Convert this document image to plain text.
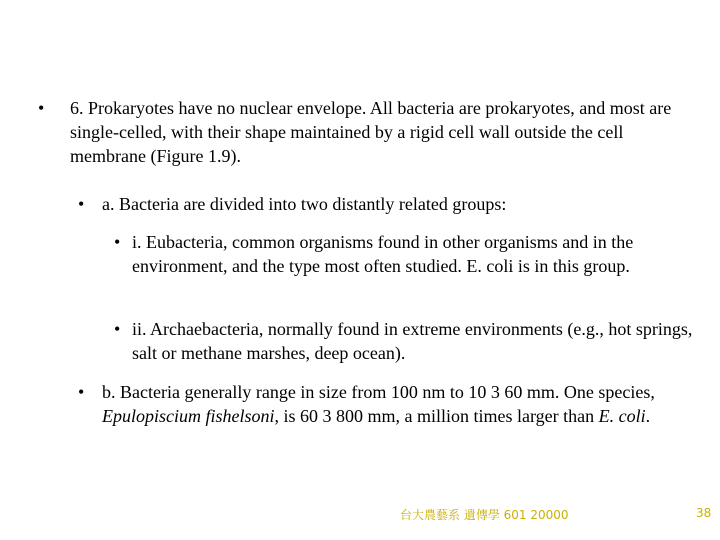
• 6. Prokaryotes have no nuclear envelope. All bacteria are prokaryotes, and most are single-celled, with their shape maintained by a rigid cell wall outside the cell membrane (Figure 1.9).
• a. Bacteria are divided into two distantly related groups:
• i. Eubacteria, common organisms found in other organisms and in the environment, and the type most often studied. E. coli is in this group.
• ii. Archaebacteria, normally found in extreme environments (e.g., hot springs, salt or methane marshes, deep ocean).
• b. Bacteria generally range in size from 100 nm to 10 3 60 mm. One species, Epulopiscium fishelsoni, is 60 3 800 mm, a million times larger than E. coli.
台大農藝系 遺傳學 601 20000	38
